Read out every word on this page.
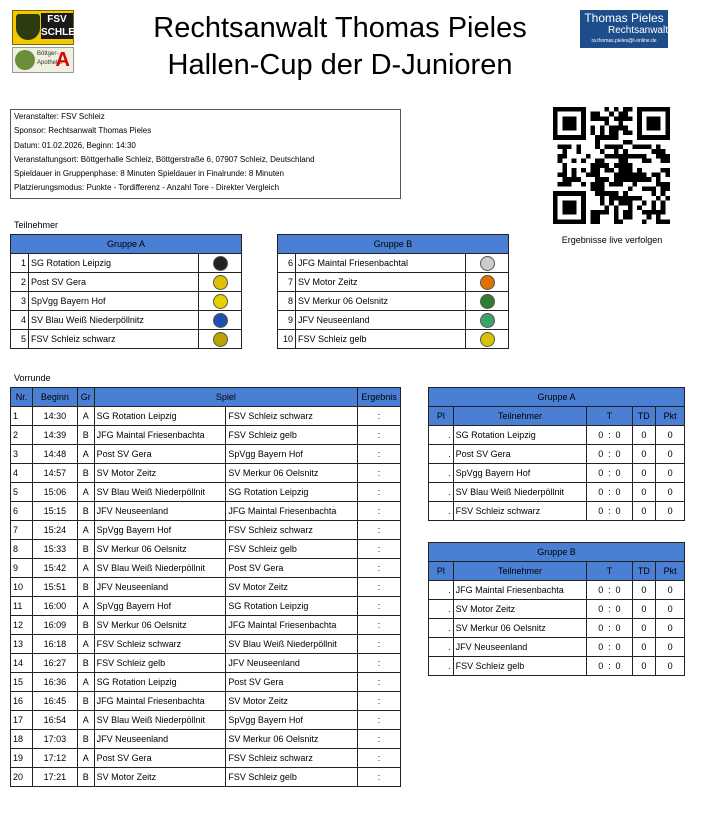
FSV SCHLEIZ
Böttger-Apotheke
A
Rechtsanwalt Thomas Pieles
Hallen-Cup der D-Junioren
Thomas Pieles
Rechtsanwalt
ra.thomas.pieles@t-online.de
Veranstalter: FSV Schleiz
Sponsor: Rechtsanwalt Thomas Pieles
Datum: 01.02.2026, Beginn: 14:30
Veranstaltungsort: Böttgerhalle Schleiz, Böttgerstraße 6, 07907 Schleiz, Deutschland
Spieldauer in Gruppenphase: 8 Minuten Spieldauer in Finalrunde: 8 Minuten
Platzierungsmodus: Punkte - Tordifferenz - Anzahl Tore - Direkter Vergleich
Ergebnisse live verfolgen
Teilnehmer
Gruppe A		
1	SG Rotation Leipzig	
2	Post SV Gera	
3	SpVgg Bayern Hof	
4	SV Blau Weiß Niederpöllnitz	
5	FSV Schleiz schwarz	
Gruppe B		
6	JFG Maintal Friesenbachtal	
7	SV Motor Zeitz	
8	SV Merkur 06 Oelsnitz	
9	JFV Neuseenland	
10	FSV Schleiz gelb	
Vorrunde
Nr.	Beginn	Gr	Spiel		Ergebnis
1	14:30	A	SG Rotation Leipzig	FSV Schleiz schwarz	:
2	14:39	B	JFG Maintal Friesenbachta	FSV Schleiz gelb	:
3	14:48	A	Post SV Gera	SpVgg Bayern Hof	:
4	14:57	B	SV Motor Zeitz	SV Merkur 06 Oelsnitz	:
5	15:06	A	SV Blau Weiß Niederpöllnit	SG Rotation Leipzig	:
6	15:15	B	JFV Neuseenland	JFG Maintal Friesenbachta	:
7	15:24	A	SpVgg Bayern Hof	FSV Schleiz schwarz	:
8	15:33	B	SV Merkur 06 Oelsnitz	FSV Schleiz gelb	:
9	15:42	A	SV Blau Weiß Niederpöllnit	Post SV Gera	:
10	15:51	B	JFV Neuseenland	SV Motor Zeitz	:
11	16:00	A	SpVgg Bayern Hof	SG Rotation Leipzig	:
12	16:09	B	SV Merkur 06 Oelsnitz	JFG Maintal Friesenbachta	:
13	16:18	A	FSV Schleiz schwarz	SV Blau Weiß Niederpöllnit	:
14	16:27	B	FSV Schleiz gelb	JFV Neuseenland	:
15	16:36	A	SG Rotation Leipzig	Post SV Gera	:
16	16:45	B	JFG Maintal Friesenbachta	SV Motor Zeitz	:
17	16:54	A	SV Blau Weiß Niederpöllnit	SpVgg Bayern Hof	:
18	17:03	B	JFV Neuseenland	SV Merkur 06 Oelsnitz	:
19	17:12	A	Post SV Gera	FSV Schleiz schwarz	:
20	17:21	B	SV Motor Zeitz	FSV Schleiz gelb	:
Gruppe A						
Pl	Teilnehmer	T			TD	Pkt
.	SG Rotation Leipzig	0	:	0	0	0
.	Post SV Gera	0	:	0	0	0
.	SpVgg Bayern Hof	0	:	0	0	0
.	SV Blau Weiß Niederpöllnit	0	:	0	0	0
.	FSV Schleiz schwarz	0	:	0	0	0
Gruppe B						
Pl	Teilnehmer	T			TD	Pkt
.	JFG Maintal Friesenbachta	0	:	0	0	0
.	SV Motor Zeitz	0	:	0	0	0
.	SV Merkur 06 Oelsnitz	0	:	0	0	0
.	JFV Neuseenland	0	:	0	0	0
.	FSV Schleiz gelb	0	:	0	0	0
